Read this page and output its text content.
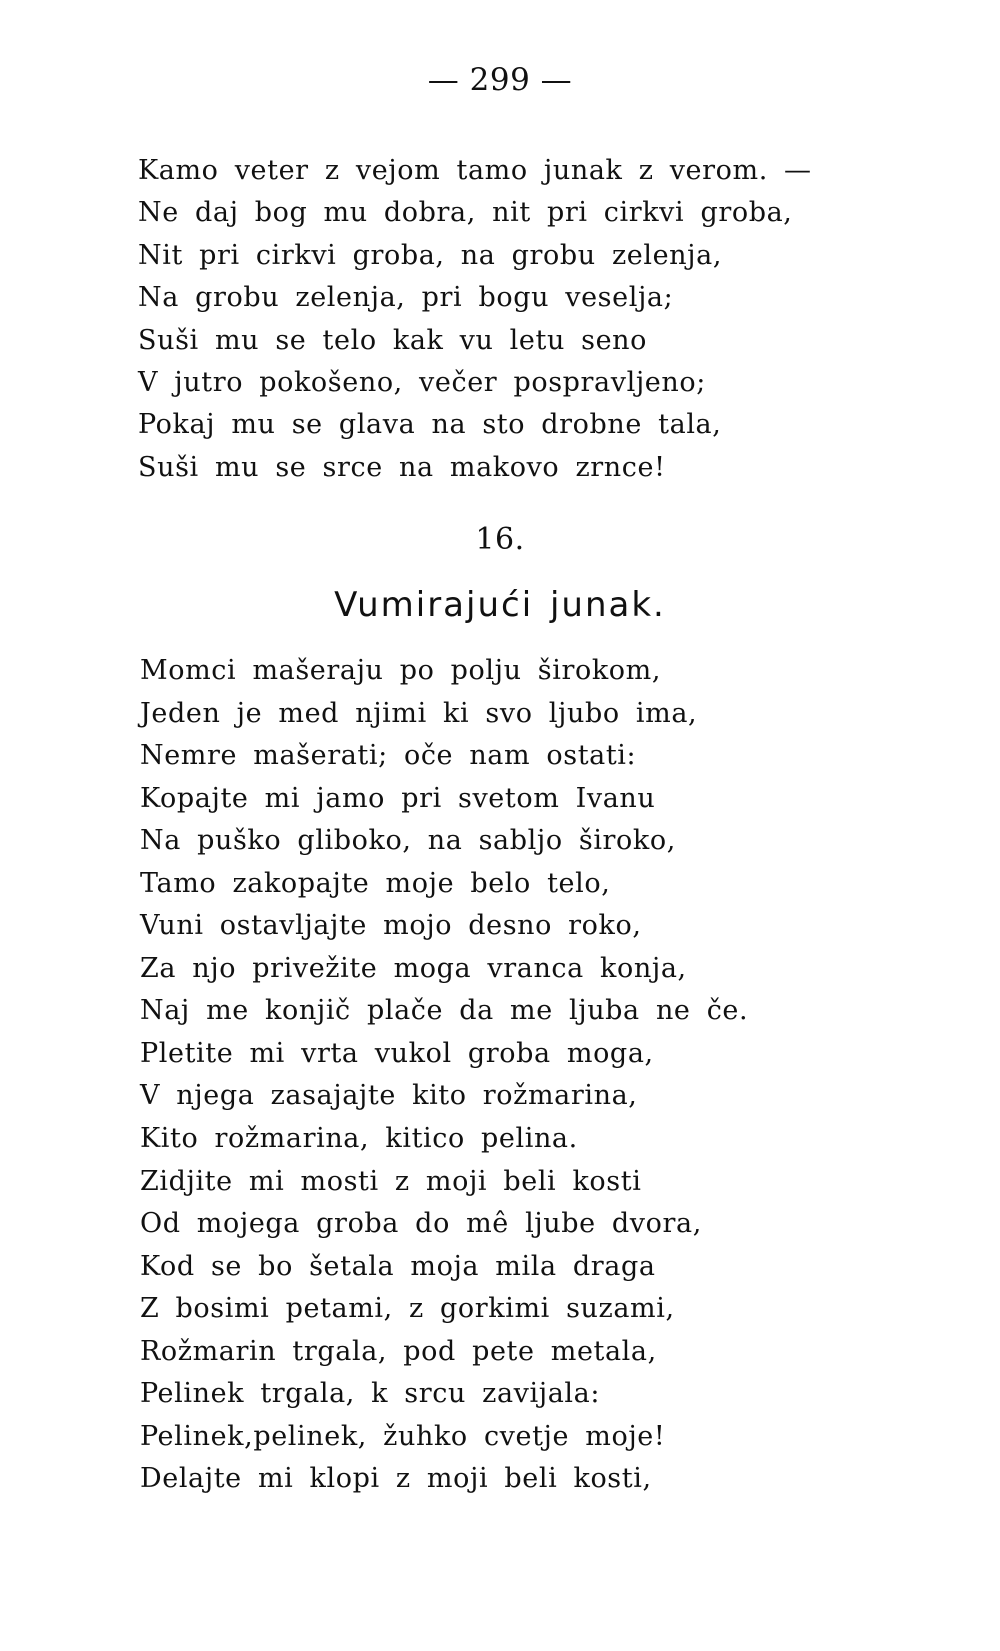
— 299 —
Kamo veter z vejom tamo junak z verom. —
Ne daj bog mu dobra, nit pri cirkvi groba,
Nit pri cirkvi groba, na grobu zelenja,
Na grobu zelenja, pri bogu veselja;
Suši mu se telo kak vu letu seno
V jutro pokošeno, večer pospravljeno;
Pokaj mu se glava na sto drobne tala,
Suši mu se srce na makovo zrnce!
16.
Vumirajući junak.
Momci mašeraju po polju širokom,
Jeden je med njimi ki svo ljubo ima,
Nemre mašerati; oče nam ostati:
Kopajte mi jamo pri svetom Ivanu
Na puško gliboko, na sabljo široko,
Tamo zakopajte moje belo telo,
Vuni ostavljajte mojo desno roko,
Za njo privežite moga vranca konja,
Naj me konjič plače da me ljuba ne če.
Pletite mi vrta vukol groba moga,
V njega zasajajte kito rožmarina,
Kito rožmarina, kitico pelina.
Zidjite mi mosti z moji beli kosti
Od mojega groba do mê ljube dvora,
Kod se bo šetala moja mila draga
Z bosimi petami, z gorkimi suzami,
Rožmarin trgala, pod pete metala,
Pelinek trgala, k srcu zavijala:
Pelinek,pelinek, žuhko cvetje moje!
Delajte mi klopi z moji beli kosti,
